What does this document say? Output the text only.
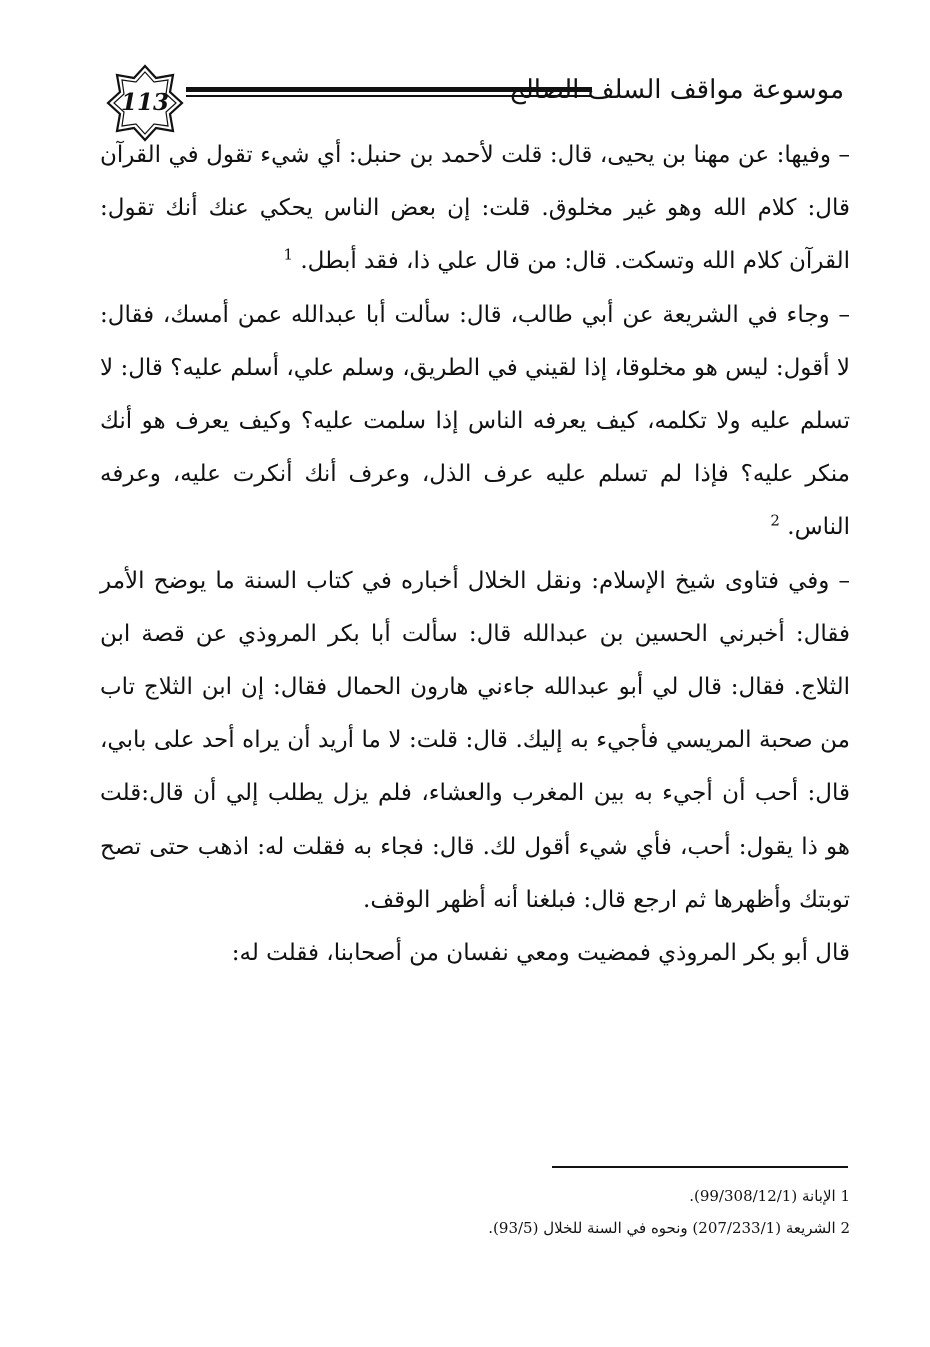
113	موسوعة مواقف السلف الصالح

– وفيها: عن مهنا بن يحيى، قال: قلت لأحمد بن حنبل: أي شيء تقول في القرآن قال: كلام الله وهو غير مخلوق. قلت: إن بعض الناس يحكي عنك أنك تقول: القرآن كلام الله وتسكت. قال: من قال علي ذا، فقد أبطل. $^1$

– وجاء في الشريعة عن أبي طالب، قال: سألت أبا عبدالله عمن أمسك، فقال: لا أقول: ليس هو مخلوقا، إذا لقيني في الطريق، وسلم علي، أسلم عليه؟ قال: لا تسلم عليه ولا تكلمه، كيف يعرفه الناس إذا سلمت عليه؟ وكيف يعرف هو أنك منكر عليه؟ فإذا لم تسلم عليه عرف الذل، وعرف أنك أنكرت عليه، وعرفه الناس. $^2$

– وفي فتاوى شيخ الإسلام: ونقل الخلال أخباره في كتاب السنة ما يوضح الأمر فقال: أخبرني الحسين بن عبدالله قال: سألت أبا بكر المروذي عن قصة ابن الثلاج. فقال: قال لي أبو عبدالله جاءني هارون الحمال فقال: إن ابن الثلاج تاب من صحبة المريسي فأجيء به إليك. قال: قلت: لا ما أريد أن يراه أحد على بابي، قال: أحب أن أجيء به بين المغرب والعشاء، فلم يزل يطلب إلي أن قال:قلت هو ذا يقول: أحب، فأي شيء أقول لك. قال: فجاء به فقلت له: اذهب حتى تصح توبتك وأظهرها ثم ارجع قال: فبلغنا أنه أظهر الوقف.

قال أبو بكر المروذي فمضيت ومعي نفسان من أصحابنا، فقلت له:

1 الإبانة (99/308/12/1).
2 الشريعة (207/233/1) ونحوه في السنة للخلال (93/5).
